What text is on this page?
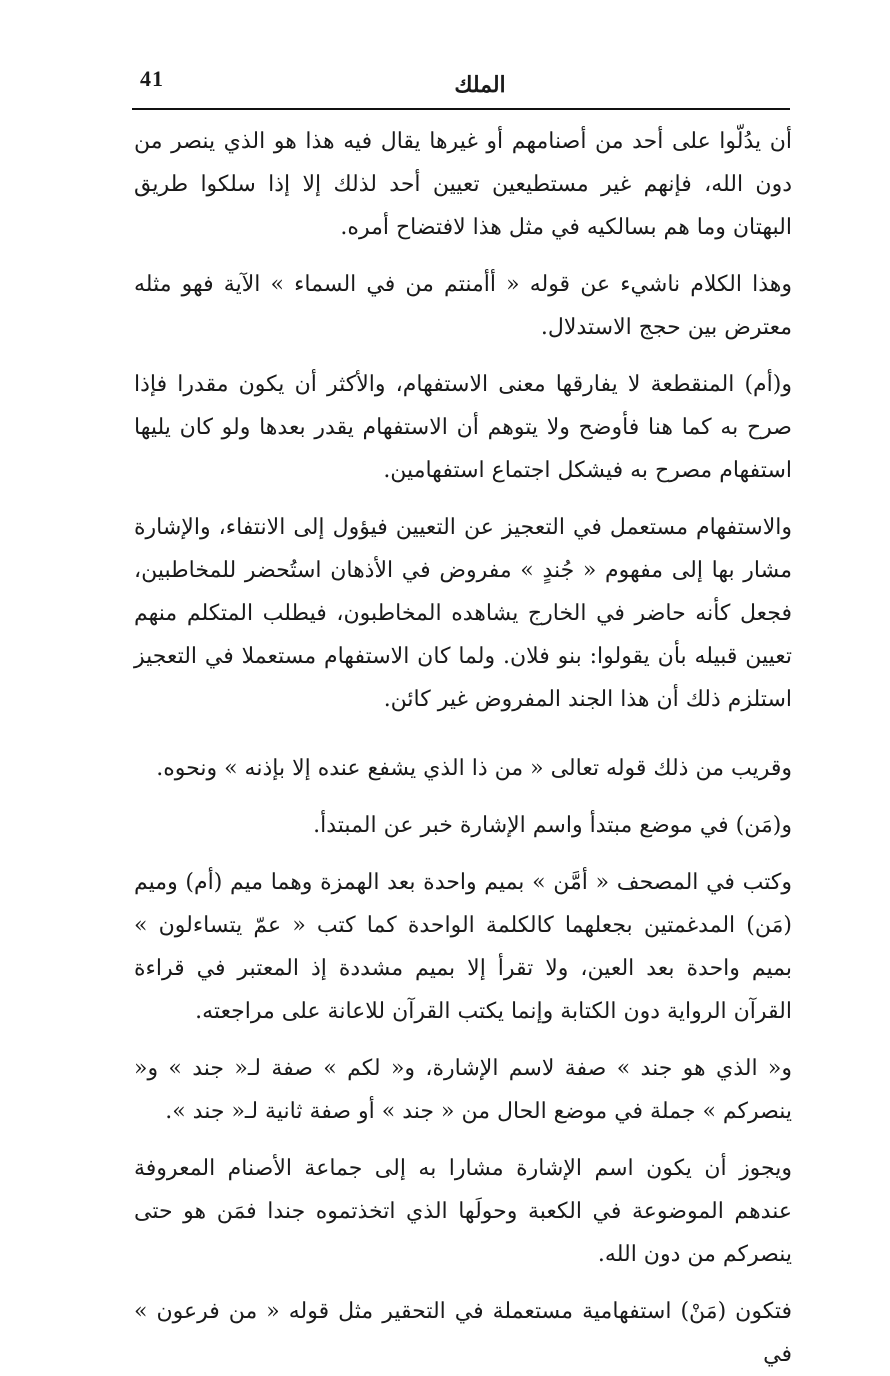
41	الملك

أن يدُلّوا على أحد من أصنامهم أو غيرها يقال فيه هذا هو الذي ينصر من دون الله، فإنهم غير مستطيعين تعيين أحد لذلك إلا إذا سلكوا طريق البهتان وما هم بسالكيه في مثل هذا لافتضاح أمره.

وهذا الكلام ناشيء عن قوله « أأمنتم من في السماء » الآية فهو مثله معترض بين حجج الاستدلال.

و(أم) المنقطعة لا يفارقها معنى الاستفهام، والأكثر أن يكون مقدرا فإذا صرح به كما هنا فأوضح ولا يتوهم أن الاستفهام يقدر بعدها ولو كان يليها استفهام مصرح به فيشكل اجتماع استفهامين.

والاستفهام مستعمل في التعجيز عن التعيين فيؤول إلى الانتفاء، والإشارة مشار بها إلى مفهوم « جُندٍ » مفروض في الأذهان استُحضر للمخاطبين، فجعل كأنه حاضر في الخارج يشاهده المخاطبون، فيطلب المتكلم منهم تعيين قبيله بأن يقولوا: بنو فلان. ولما كان الاستفهام مستعملا في التعجيز استلزم ذلك أن هذا الجند المفروض غير كائن.

وقريب من ذلك قوله تعالى « من ذا الذي يشفع عنده إلا بإذنه » ونحوه.

و(مَن) في موضع مبتدأ واسم الإشارة خبر عن المبتدأ.

وكتب في المصحف « أمَّن » بميم واحدة بعد الهمزة وهما ميم (أم) وميم (مَن) المدغمتين بجعلهما كالكلمة الواحدة كما كتب « عمّ يتساءلون » بميم واحدة بعد العين، ولا تقرأ إلا بميم مشددة إذ المعتبر في قراءة القرآن الرواية دون الكتابة وإنما يكتب القرآن للاعانة على مراجعته.

و« الذي هو جند » صفة لاسم الإشارة، و« لكم » صفة لـ« جند » و« ينصركم » جملة في موضع الحال من « جند » أو صفة ثانية لـ« جند ».

ويجوز أن يكون اسم الإشارة مشارا به إلى جماعة الأصنام المعروفة عندهم الموضوعة في الكعبة وحولَها الذي اتخذتموه جندا فمَن هو حتى ينصركم من دون الله.

فتكون (مَنْ) استفهامية مستعملة في التحقير مثل قوله « من فرعون » في
